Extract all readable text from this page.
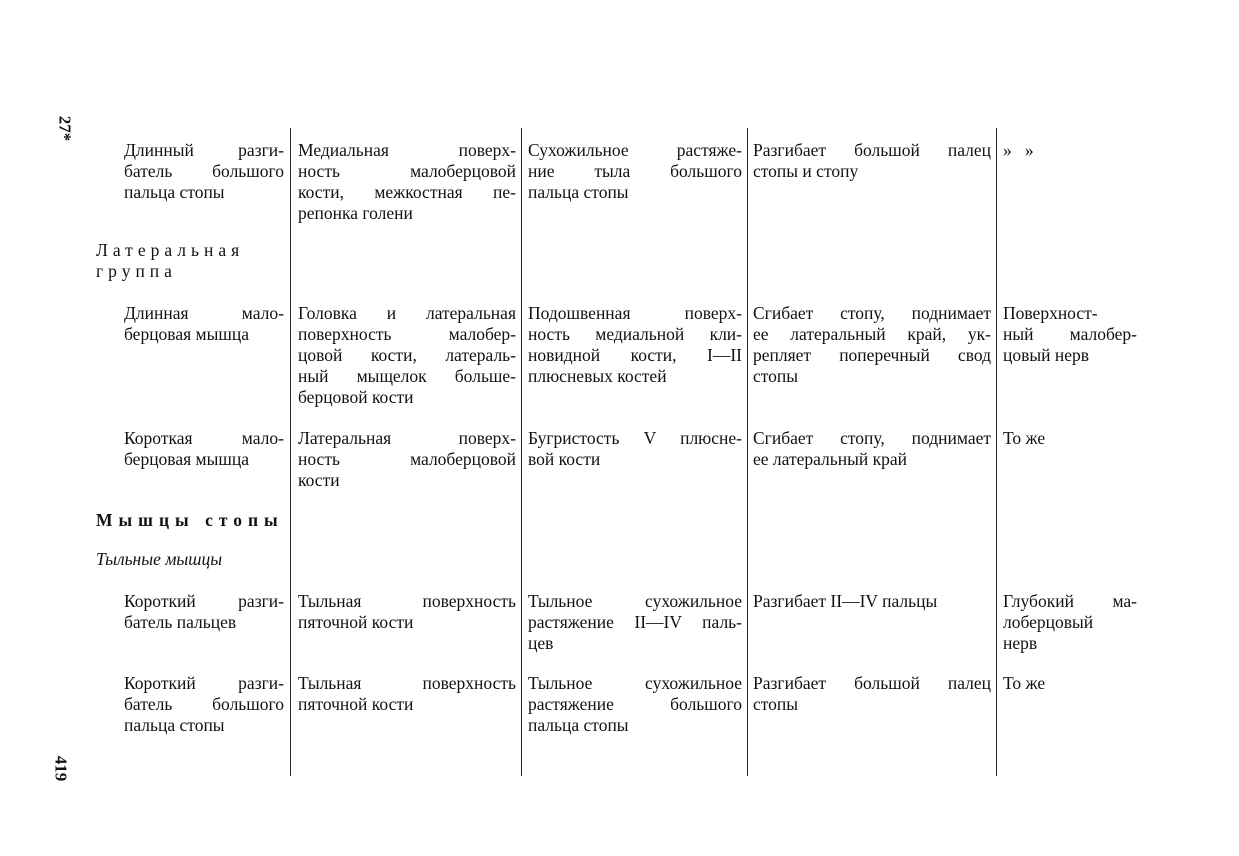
27*
419
Длинный разги-
батель большого
пальца стопы
Медиальная поверх-
ность малоберцовой
кости, межкостная пе-
репонка голени
Сухожильное растяже-
ние тыла большого
пальца стопы
Разгибает большой палец
стопы и стопу
»   »
Латеральная
группа
Длинная мало-
берцовая мышца
Головка и латеральная
поверхность малобер-
цовой кости, латераль-
ный мыщелок больше-
берцовой кости
Подошвенная поверх-
ность медиальной кли-
новидной кости, I—II
плюсневых костей
Сгибает стопу, поднимает
ее латеральный край, ук-
репляет поперечный свод
стопы
Поверхност-
ный малобер-
цовый нерв
Короткая мало-
берцовая мышца
Латеральная поверх-
ность малоберцовой
кости
Бугристость V плюсне-
вой кости
Сгибает стопу, поднимает
ее латеральный край
То же
Мышцы стопы
Тыльные мышцы
Короткий разги-
батель пальцев
Тыльная поверхность
пяточной кости
Тыльное сухожильное
растяжение II—IV паль-
цев
Разгибает II—IV пальцы	Глубокий ма-
лоберцовый
нерв
Короткий разги-
батель большого
пальца стопы
Тыльная поверхность
пяточной кости
Тыльное сухожильное
растяжение большого
пальца стопы
Разгибает большой палец
стопы
То же
